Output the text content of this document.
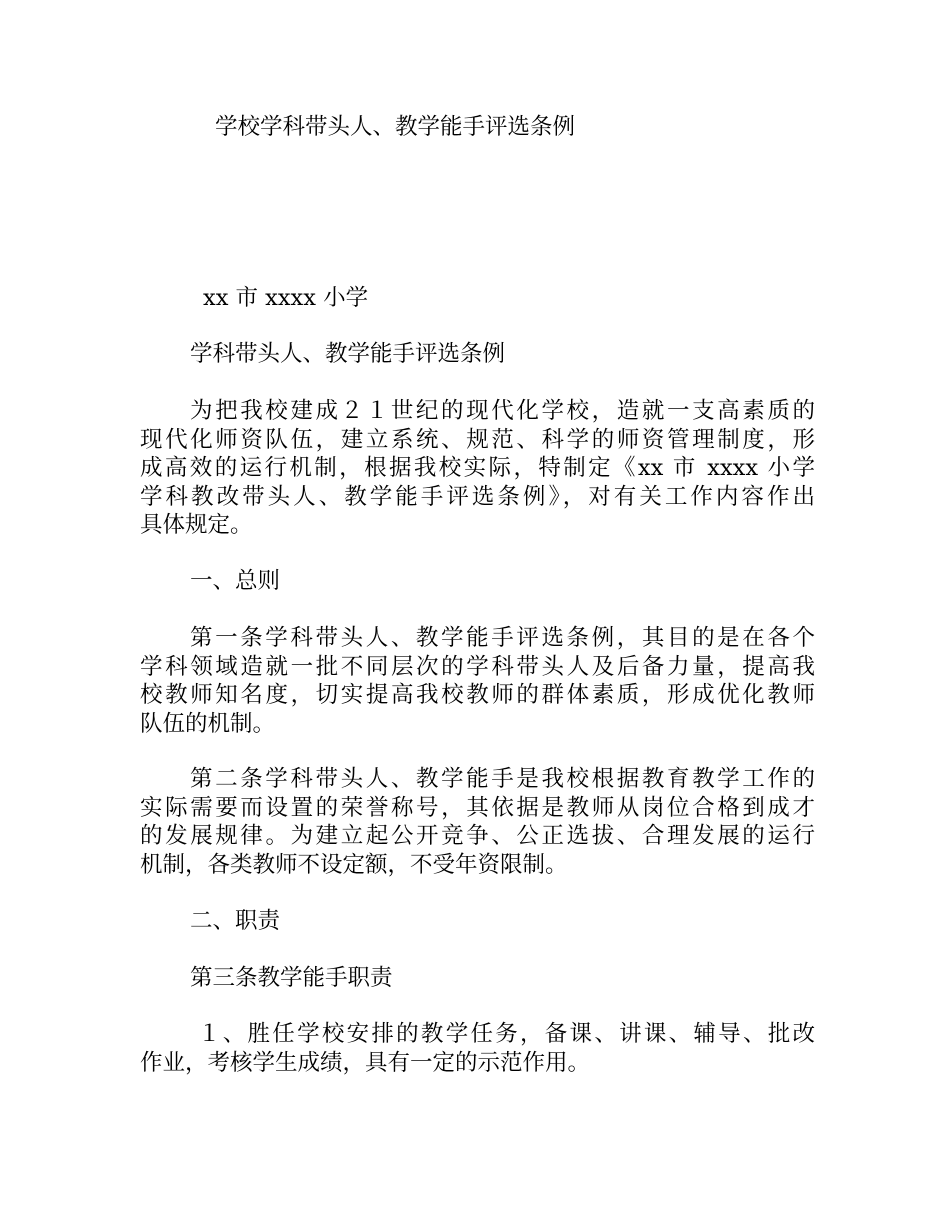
学校学科带头人、教学能手评选条例
xx 市 xxxx 小学
学科带头人、教学能手评选条例
为把我校建成２１世纪的现代化学校，造就一支高素质的
现代化师资队伍，建立系统、规范、科学的师资管理制度，形
成高效的运行机制，根据我校实际，特制定《xx 市 xxxx 小学
学科教改带头人、教学能手评选条例》，对有关工作内容作出
具体规定。
一、总则
第一条学科带头人、教学能手评选条例，其目的是在各个
学科领域造就一批不同层次的学科带头人及后备力量，提高我
校教师知名度，切实提高我校教师的群体素质，形成优化教师
队伍的机制。
第二条学科带头人、教学能手是我校根据教育教学工作的
实际需要而设置的荣誉称号，其依据是教师从岗位合格到成才
的发展规律。为建立起公开竞争、公正选拔、合理发展的运行
机制，各类教师不设定额，不受年资限制。
二、职责
第三条教学能手职责
１、胜任学校安排的教学任务，备课、讲课、辅导、批改
作业，考核学生成绩，具有一定的示范作用。
